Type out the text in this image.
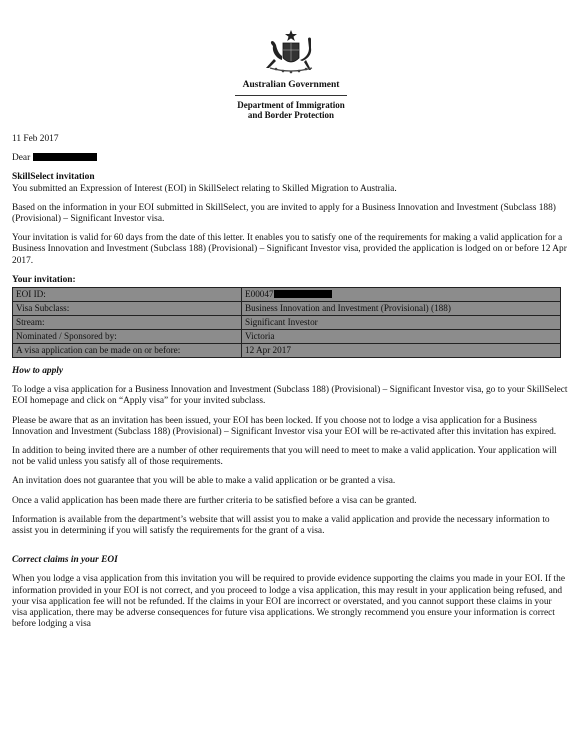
Australian Government
Department of Immigration
and Border Protection

11 Feb 2017

Dear

SkillSelect invitation

You submitted an Expression of Interest (EOI) in SkillSelect relating to Skilled Migration to Australia.

Based on the information in your EOI submitted in SkillSelect, you are invited to apply for a Business Innovation and Investment (Subclass 188) (Provisional) – Significant Investor visa.

Your invitation is valid for 60 days from the date of this letter. It enables you to satisfy one of the requirements for making a valid application for a Business Innovation and Investment (Subclass 188) (Provisional) – Significant Investor visa, provided the application is lodged on or before 12 Apr 2017.

Your invitation:
EOI ID:	E00047
Visa Subclass:	Business Innovation and Investment (Provisional) (188)
Stream:	Significant Investor
Nominated / Sponsored by:	Victoria
A visa application can be made on or before:	12 Apr 2017

How to apply

To lodge a visa application for a Business Innovation and Investment (Subclass 188) (Provisional) – Significant Investor visa, go to your SkillSelect EOI homepage and click on “Apply visa” for your invited subclass.

Please be aware that as an invitation has been issued, your EOI has been locked. If you choose not to lodge a visa application for a Business Innovation and Investment (Subclass 188) (Provisional) – Significant Investor visa your EOI will be re-activated after this invitation has expired.

In addition to being invited there are a number of other requirements that you will need to meet to make a valid application. Your application will not be valid unless you satisfy all of those requirements.

An invitation does not guarantee that you will be able to make a valid application or be granted a visa.

Once a valid application has been made there are further criteria to be satisfied before a visa can be granted.

Information is available from the department’s website that will assist you to make a valid application and provide the necessary information to assist you in determining if you will satisfy the requirements for the grant of a visa.

Correct claims in your EOI

When you lodge a visa application from this invitation you will be required to provide evidence supporting the claims you made in your EOI. If the information provided in your EOI is not correct, and you proceed to lodge a visa application, this may result in your application being refused, and your visa application fee will not be refunded. If the claims in your EOI are incorrect or overstated, and you cannot support these claims in your visa application, there may be adverse consequences for future visa applications. We strongly recommend you ensure your information is correct before lodging a visa
